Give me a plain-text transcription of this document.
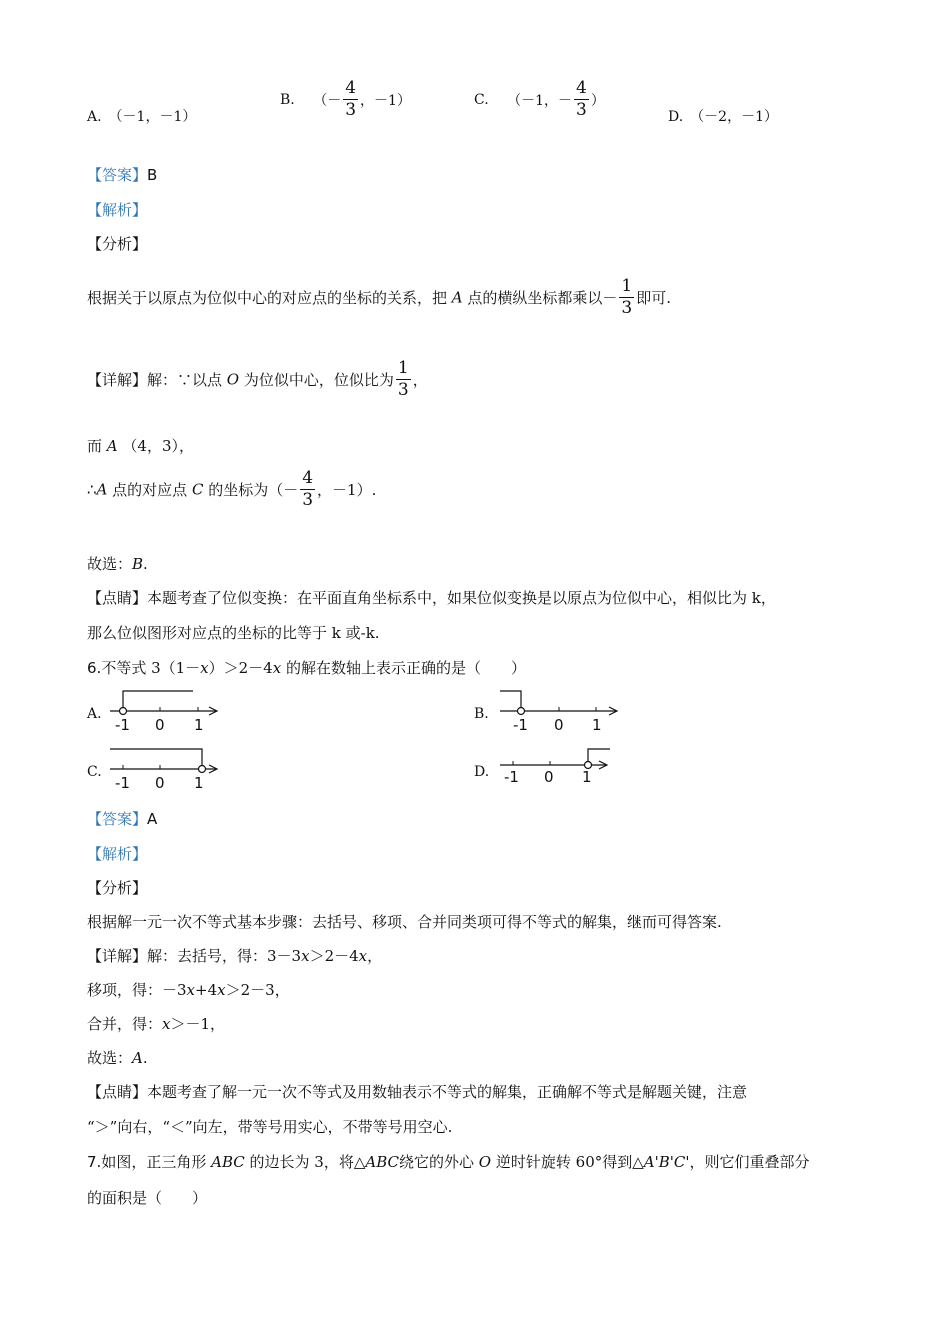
A.　（－1，－1）
B. （－ $\frac{4}{3}$ ，－1）	C. （－1，－ $\frac{4}{3}$ ）
D.　（－2，－1）
【答案】B
【解析】
【分析】
根据关于以原点为位似中心的对应点的坐标的关系，把 A 点的横纵坐标都乘以－ $\frac{1}{3}$ 即可.
【详解】解：∵以点 O 为位似中心，位似比为 $\frac{1}{3}$ ，
而 A （4，3），
∴A 点的对应点 C 的坐标为（－ $\frac{4}{3}$ ，－1）.
故选：B.
【点睛】本题考查了位似变换：在平面直角坐标系中，如果位似变换是以原点为位似中心，相似比为 k，
那么位似图形对应点的坐标的比等于 k 或-k.
6.不等式 3（1－x）＞2－4x 的解在数轴上表示正确的是（　　）
A.	B.
C.	D.
-1 0 1	-1 0 1
-1 0 1	-1 0 1
【答案】A
【解析】
【分析】
根据解一元一次不等式基本步骤：去括号、移项、合并同类项可得不等式的解集，继而可得答案.
【详解】解：去括号，得：3－3x＞2－4x，
移项，得：－3x+4x＞2－3，
合并，得：x＞－1，
故选：A.
【点睛】本题考查了解一元一次不等式及用数轴表示不等式的解集，正确解不等式是解题关键，注意
“＞”向右，“＜”向左，带等号用实心，不带等号用空心.
7.如图，正三角形 ABC 的边长为 3，将△ABC绕它的外心 O 逆时针旋转 60°得到△A'B'C'，则它们重叠部分
的面积是（　　）
